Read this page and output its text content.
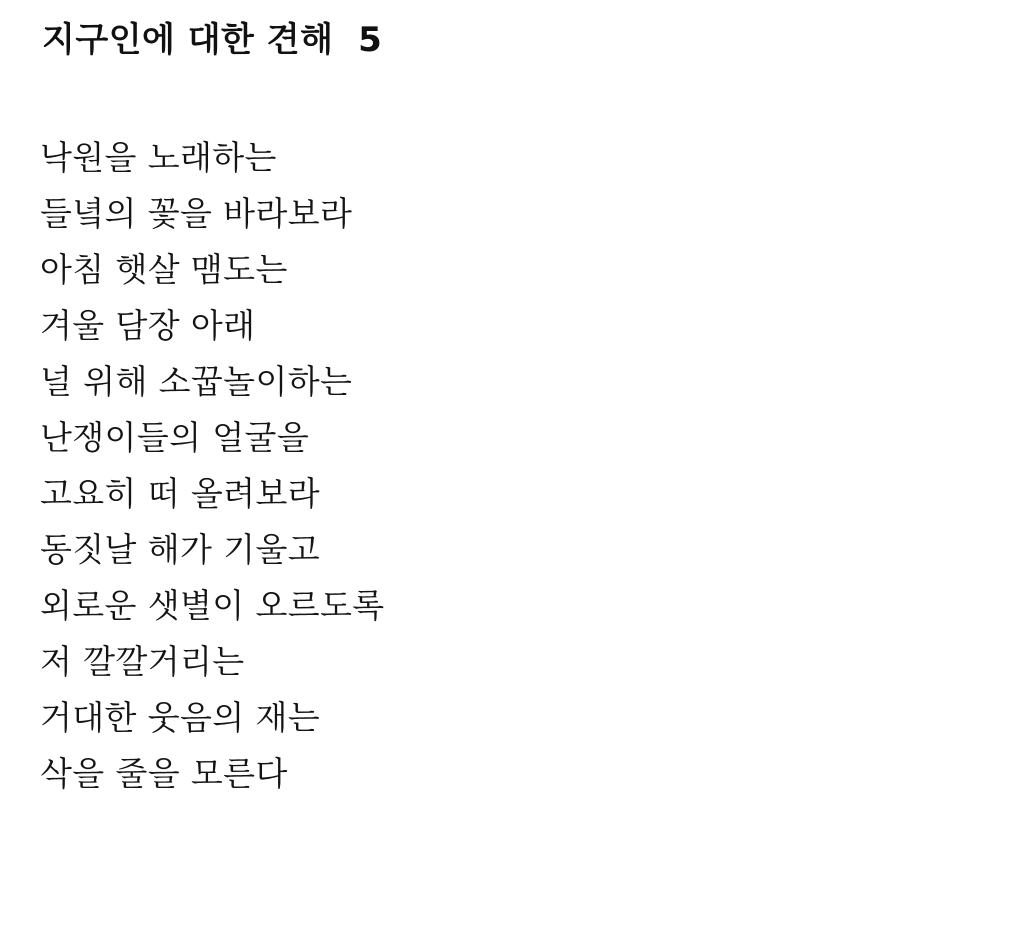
지구인에 대한 견해  5
낙원을 노래하는
들녘의 꽃을 바라보라
아침 햇살 맴도는
겨울 담장 아래
널 위해 소꿉놀이하는
난쟁이들의 얼굴을
고요히 떠 올려보라
동짓날 해가 기울고
외로운 샛별이 오르도록
저 깔깔거리는
거대한 웃음의 재는
삭을 줄을 모른다
